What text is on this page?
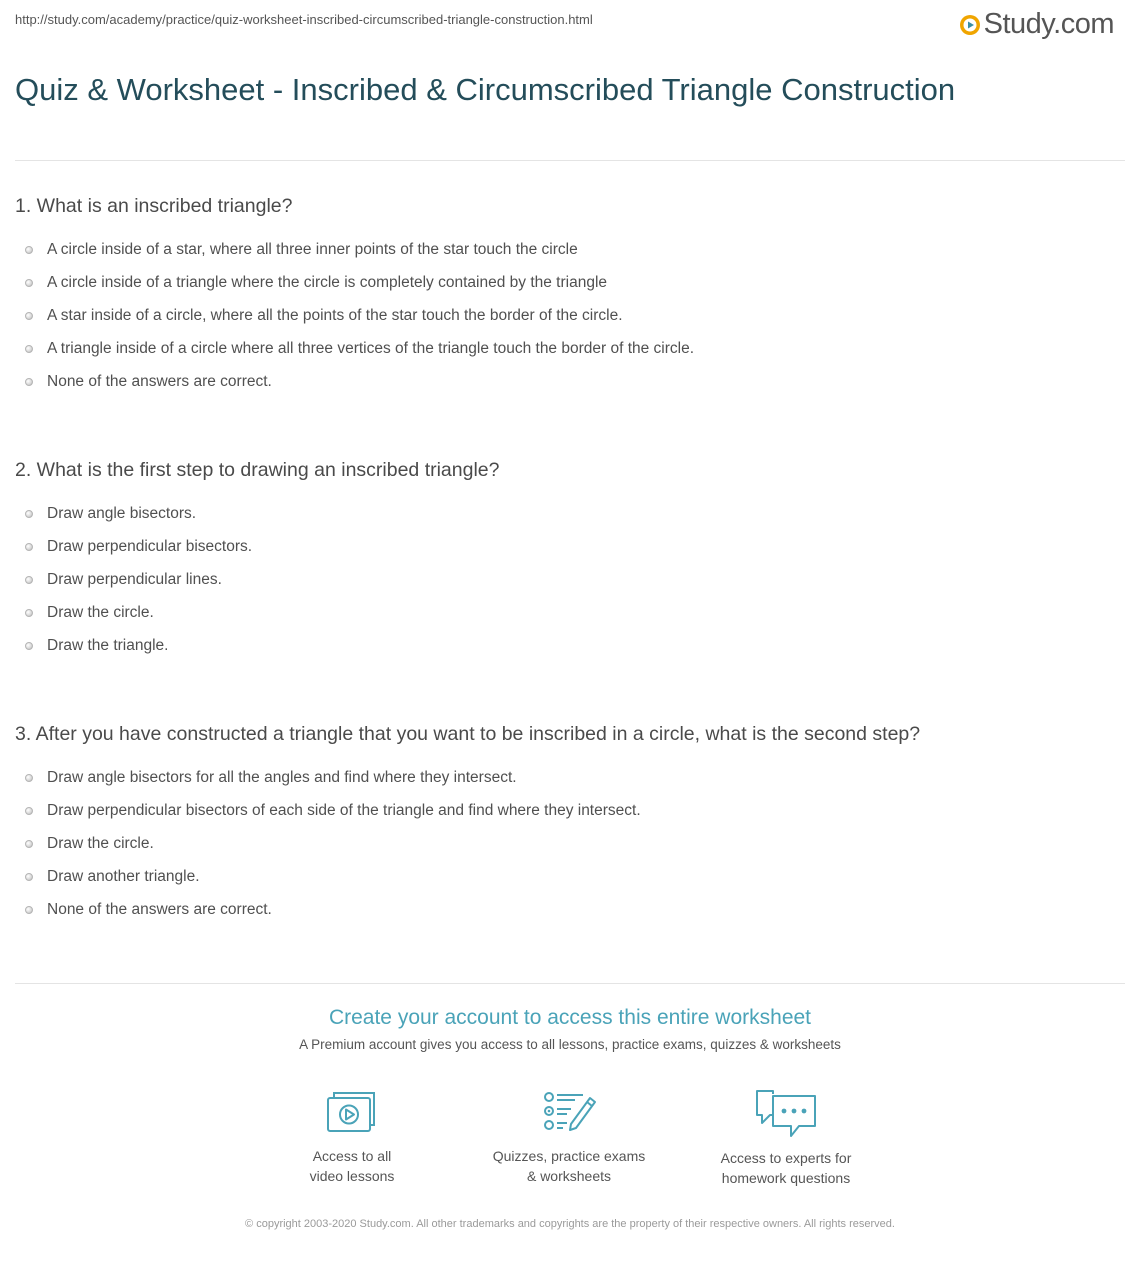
http://study.com/academy/practice/quiz-worksheet-inscribed-circumscribed-triangle-construction.html	Study.com
Quiz & Worksheet - Inscribed & Circumscribed Triangle Construction
1. What is an inscribed triangle?
A circle inside of a star, where all three inner points of the star touch the circle
A circle inside of a triangle where the circle is completely contained by the triangle
A star inside of a circle, where all the points of the star touch the border of the circle.
A triangle inside of a circle where all three vertices of the triangle touch the border of the circle.
None of the answers are correct.
2. What is the first step to drawing an inscribed triangle?
Draw angle bisectors.
Draw perpendicular bisectors.
Draw perpendicular lines.
Draw the circle.
Draw the triangle.
3. After you have constructed a triangle that you want to be inscribed in a circle, what is the second step?
Draw angle bisectors for all the angles and find where they intersect.
Draw perpendicular bisectors of each side of the triangle and find where they intersect.
Draw the circle.
Draw another triangle.
None of the answers are correct.
Create your account to access this entire worksheet
A Premium account gives you access to all lessons, practice exams, quizzes & worksheets
Access to all
video lessons
Quizzes, practice exams
& worksheets
Access to experts for
homework questions
© copyright 2003-2020 Study.com. All other trademarks and copyrights are the property of their respective owners. All rights reserved.
